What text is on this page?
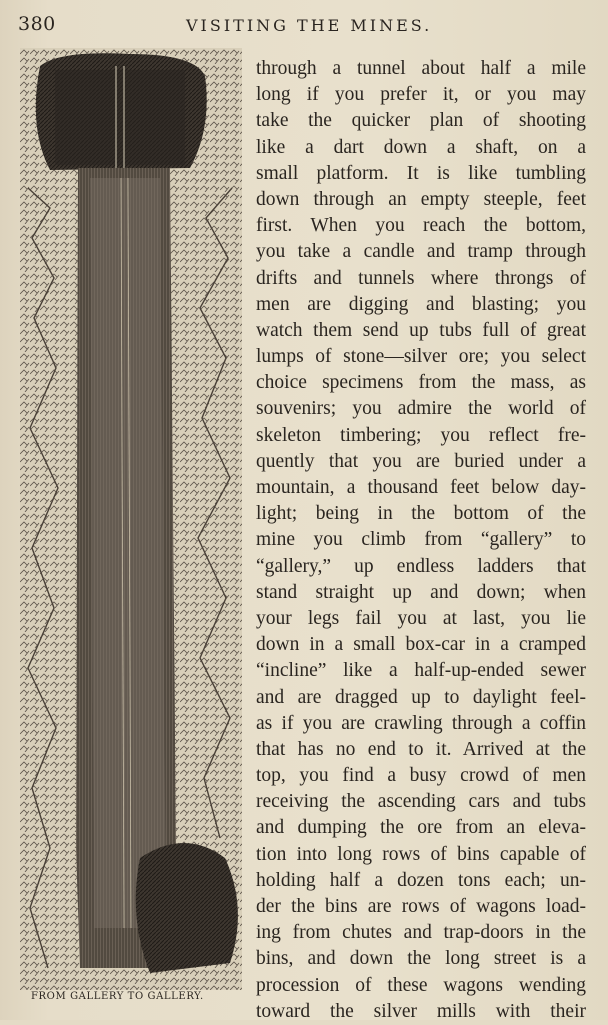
380	VISITING THE MINES.
FROM GALLERY TO GALLERY.
through a tunnel about half a mile
long if you prefer it, or you may
take the quicker plan of shooting
like a dart down a shaft, on a
small platform. It is like tumbling
down through an empty steeple, feet
first. When you reach the bottom,
you take a candle and tramp through
drifts and tunnels where throngs of
men are digging and blasting; you
watch them send up tubs full of great
lumps of stone—silver ore; you select
choice specimens from the mass, as
souvenirs; you admire the world of
skeleton timbering; you reflect fre-
quently that you are buried under a
mountain, a thousand feet below day-
light; being in the bottom of the
mine you climb from “gallery” to
“gallery,” up endless ladders that
stand straight up and down; when
your legs fail you at last, you lie
down in a small box-car in a cramped
“incline” like a half-up-ended sewer
and are dragged up to daylight feel-
as if you are crawling through a coffin
that has no end to it. Arrived at the
top, you find a busy crowd of men
receiving the ascending cars and tubs
and dumping the ore from an eleva-
tion into long rows of bins capable of
holding half a dozen tons each; un-
der the bins are rows of wagons load-
ing from chutes and trap-doors in the
bins, and down the long street is a
procession of these wagons wending
toward the silver mills with their
